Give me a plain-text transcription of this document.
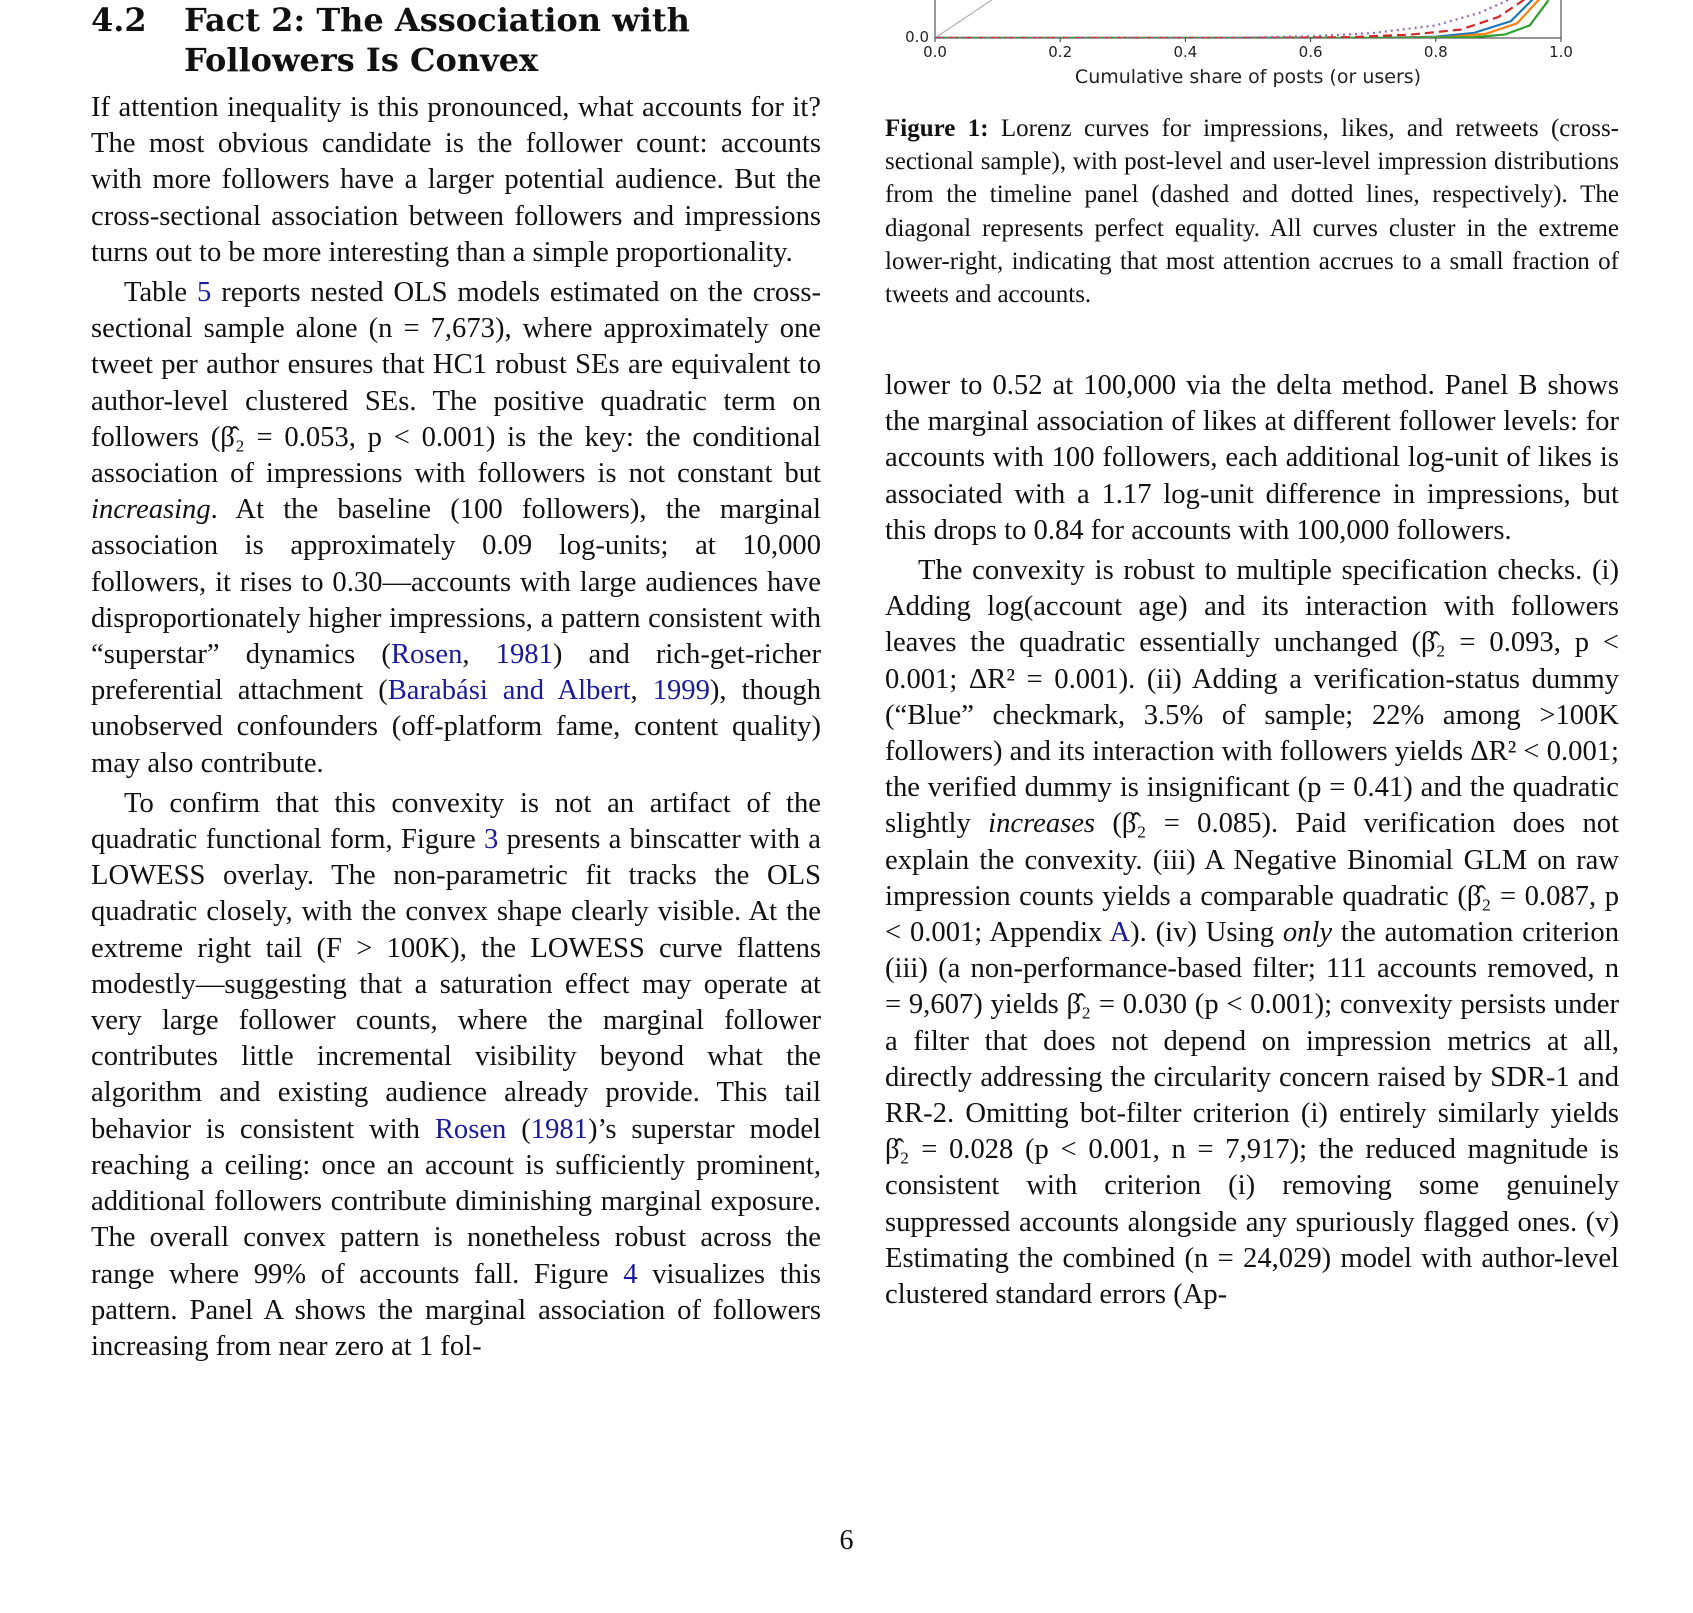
4.2	Fact 2: The Association with Followers Is Convex

If attention inequality is this pronounced, what accounts for it? The most obvious candidate is the follower count: accounts with more followers have a larger potential audience. But the cross-sectional association between followers and impressions turns out to be more interesting than a simple proportionality.

Table 5 reports nested OLS models estimated on the cross-sectional sample alone (n = 7,673), where approximately one tweet per author ensures that HC1 robust SEs are equivalent to author-level clustered SEs. The positive quadratic term on followers (β̂₂ = 0.053, p < 0.001) is the key: the conditional association of impressions with followers is not constant but increasing. At the baseline (100 followers), the marginal association is approximately 0.09 log-units; at 10,000 followers, it rises to 0.30—accounts with large audiences have disproportionately higher impressions, a pattern consistent with “superstar” dynamics (Rosen, 1981) and rich-get-richer preferential attachment (Barabási and Albert, 1999), though unobserved confounders (off-platform fame, content quality) may also contribute.

To confirm that this convexity is not an artifact of the quadratic functional form, Figure 3 presents a binscatter with a LOWESS overlay. The non-parametric fit tracks the OLS quadratic closely, with the convex shape clearly visible. At the extreme right tail (F > 100K), the LOWESS curve flattens modestly—suggesting that a saturation effect may operate at very large follower counts, where the marginal follower contributes little incremental visibility beyond what the algorithm and existing audience already provide. This tail behavior is consistent with Rosen (1981)’s superstar model reaching a ceiling: once an account is sufficiently prominent, additional followers contribute diminishing marginal exposure. The overall convex pattern is nonetheless robust across the range where 99% of accounts fall. Figure 4 visualizes this pattern. Panel A shows the marginal association of followers increasing from near zero at 1 fol-

0.0
0.0	0.2	0.4	0.6	0.8	1.0
Cumulative share of posts (or users)

Figure 1: Lorenz curves for impressions, likes, and retweets (cross-sectional sample), with post-level and user-level impression distributions from the timeline panel (dashed and dotted lines, respectively). The diagonal represents perfect equality. All curves cluster in the extreme lower-right, indicating that most attention accrues to a small fraction of tweets and accounts.

lower to 0.52 at 100,000 via the delta method. Panel B shows the marginal association of likes at different follower levels: for accounts with 100 followers, each additional log-unit of likes is associated with a 1.17 log-unit difference in impressions, but this drops to 0.84 for accounts with 100,000 followers.

The convexity is robust to multiple specification checks. (i) Adding log(account age) and its interaction with followers leaves the quadratic essentially unchanged (β̂₂ = 0.093, p < 0.001; ΔR² = 0.001). (ii) Adding a verification-status dummy (“Blue” checkmark, 3.5% of sample; 22% among >100K followers) and its interaction with followers yields ΔR² < 0.001; the verified dummy is insignificant (p = 0.41) and the quadratic slightly increases (β̂₂ = 0.085). Paid verification does not explain the convexity. (iii) A Negative Binomial GLM on raw impression counts yields a comparable quadratic (β̂₂ = 0.087, p < 0.001; Appendix A). (iv) Using only the automation criterion (iii) (a non-performance-based filter; 111 accounts removed, n = 9,607) yields β̂₂ = 0.030 (p < 0.001); convexity persists under a filter that does not depend on impression metrics at all, directly addressing the circularity concern raised by SDR-1 and RR-2. Omitting bot-filter criterion (i) entirely similarly yields β̂₂ = 0.028 (p < 0.001, n = 7,917); the reduced magnitude is consistent with criterion (i) removing some genuinely suppressed accounts alongside any spuriously flagged ones. (v) Estimating the combined (n = 24,029) model with author-level clustered standard errors (Ap-

6
